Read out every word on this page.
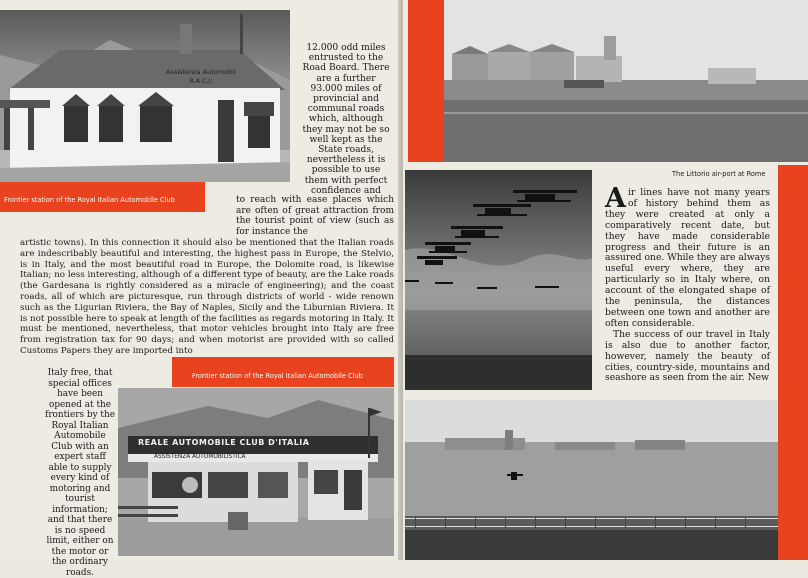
Assistenza Automobil R.A.C.I.
Frontier station of the Royal Italian Automobile Club

12.000 odd miles entrusted to the Road Board. There are a further 93.000 miles of provincial and communal roads which, although they may not be so well kept as the State roads, nevertheless it is possible to use them with perfect confidence and

to reach with ease places which are often of great attraction from the tourist point of view (such as for instance the

artistic towns). In this connection it should also be mentioned that the Italian roads are indescribably beautiful and interesting, the highest pass in Europe, the Stelvio, is in Italy, and the most beautiful road in Europe, the Dolomite road, is likewise Italian; no less interesting, although of a different type of beauty, are the Lake roads (the Gardesana is rightly considered as a miracle of engineering); and the coast roads, all of which are picturesque, run through districts of world - wide renown such as the Ligurian Riviera, the Bay of Naples, Sicily and the Liburnian Riviera. It is not possible here to speak at length of the facilities as regards motoring in Italy. It must be mentioned, nevertheless, that motor vehicles brought into Italy are free from registration tax for 90 days; and when motorist are provided with so called Customs Papers they are imported into

Frontier station of the Royal Italian Automobile Club

Italy free, that special offices have been opened at the frontiers by the Royal Italian Automobile Club with an expert staff able to supply every kind of motoring and tourist information; and that there is no speed limit, either on the motor or the ordinary roads.

REALE AUTOMOBILE CLUB D'ITALIA
ASSISTENZA AUTOMOBILISTICA
The Littorio air-port at Rome

Air lines have not many years of history behind them as they were created at only a comparatively recent date, but they have made considerable progress and their future is an assured one. While they are always useful every where, they are particularly so in Italy where, on account of the elongated shape of the peninsula, the distances between one town and another are often considerable.

The success of our travel in Italy is also due to another factor, however, namely the beauty of cities, country-side, mountains and seashore as seen from the air. New
